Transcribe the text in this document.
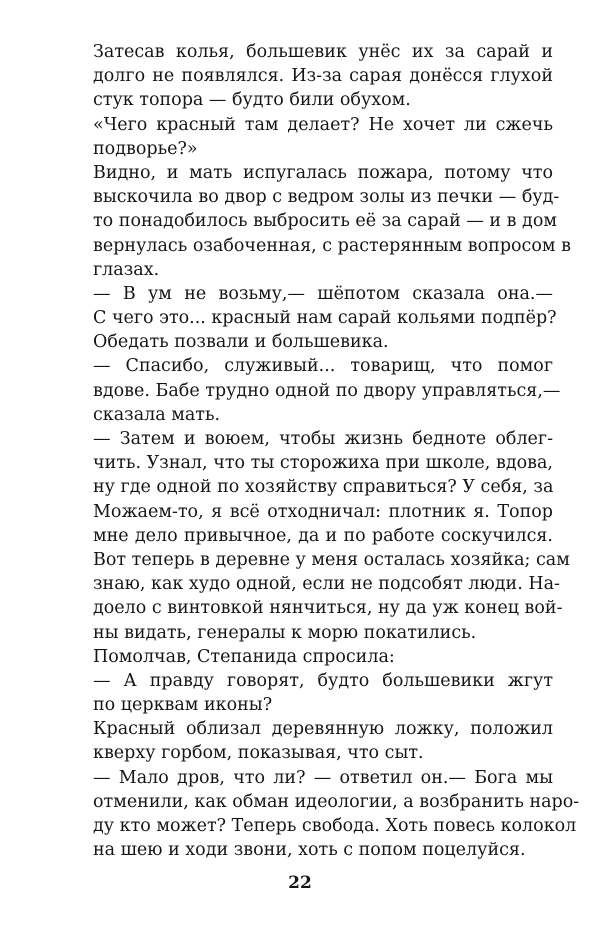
Затесав колья, большевик унёс их за сарай и
долго не появлялся. Из-за сарая донёсся глухой
стук топора — будто били обухом.
«Чего красный там делает? Не хочет ли сжечь
подворье?»
Видно, и мать испугалась пожара, потому что
выскочила во двор с ведром золы из печки — буд-
то понадобилось выбросить её за сарай — и в дом
вернулась озабоченная, с растерянным вопросом в
глазах.
— В ум не возьму,— шёпотом сказала она.—
С чего это... красный нам сарай кольями подпёр?
Обедать позвали и большевика.
— Спасибо, служивый... товарищ, что помог
вдове. Бабе трудно одной по двору управляться,—
сказала мать.
— Затем и воюем, чтобы жизнь бедноте облег-
чить. Узнал, что ты сторожиха при школе, вдова,
ну где одной по хозяйству справиться? У себя, за
Можаем-то, я всё отходничал: плотник я. Топор
мне дело привычное, да и по работе соскучился.
Вот теперь в деревне у меня осталась хозяйка; сам
знаю, как худо одной, если не подсобят люди. На-
доело с винтовкой нянчиться, ну да уж конец вой-
ны видать, генералы к морю покатились.
Помолчав, Степанида спросила:
— А правду говорят, будто большевики жгут
по церквам иконы?
Красный облизал деревянную ложку, положил
кверху горбом, показывая, что сыт.
— Мало дров, что ли? — ответил он.— Бога мы
отменили, как обман идеологии, а возбранить наро-
ду кто может? Теперь свобода. Хоть повесь колокол
на шею и ходи звони, хоть с попом поцелуйся.
22
